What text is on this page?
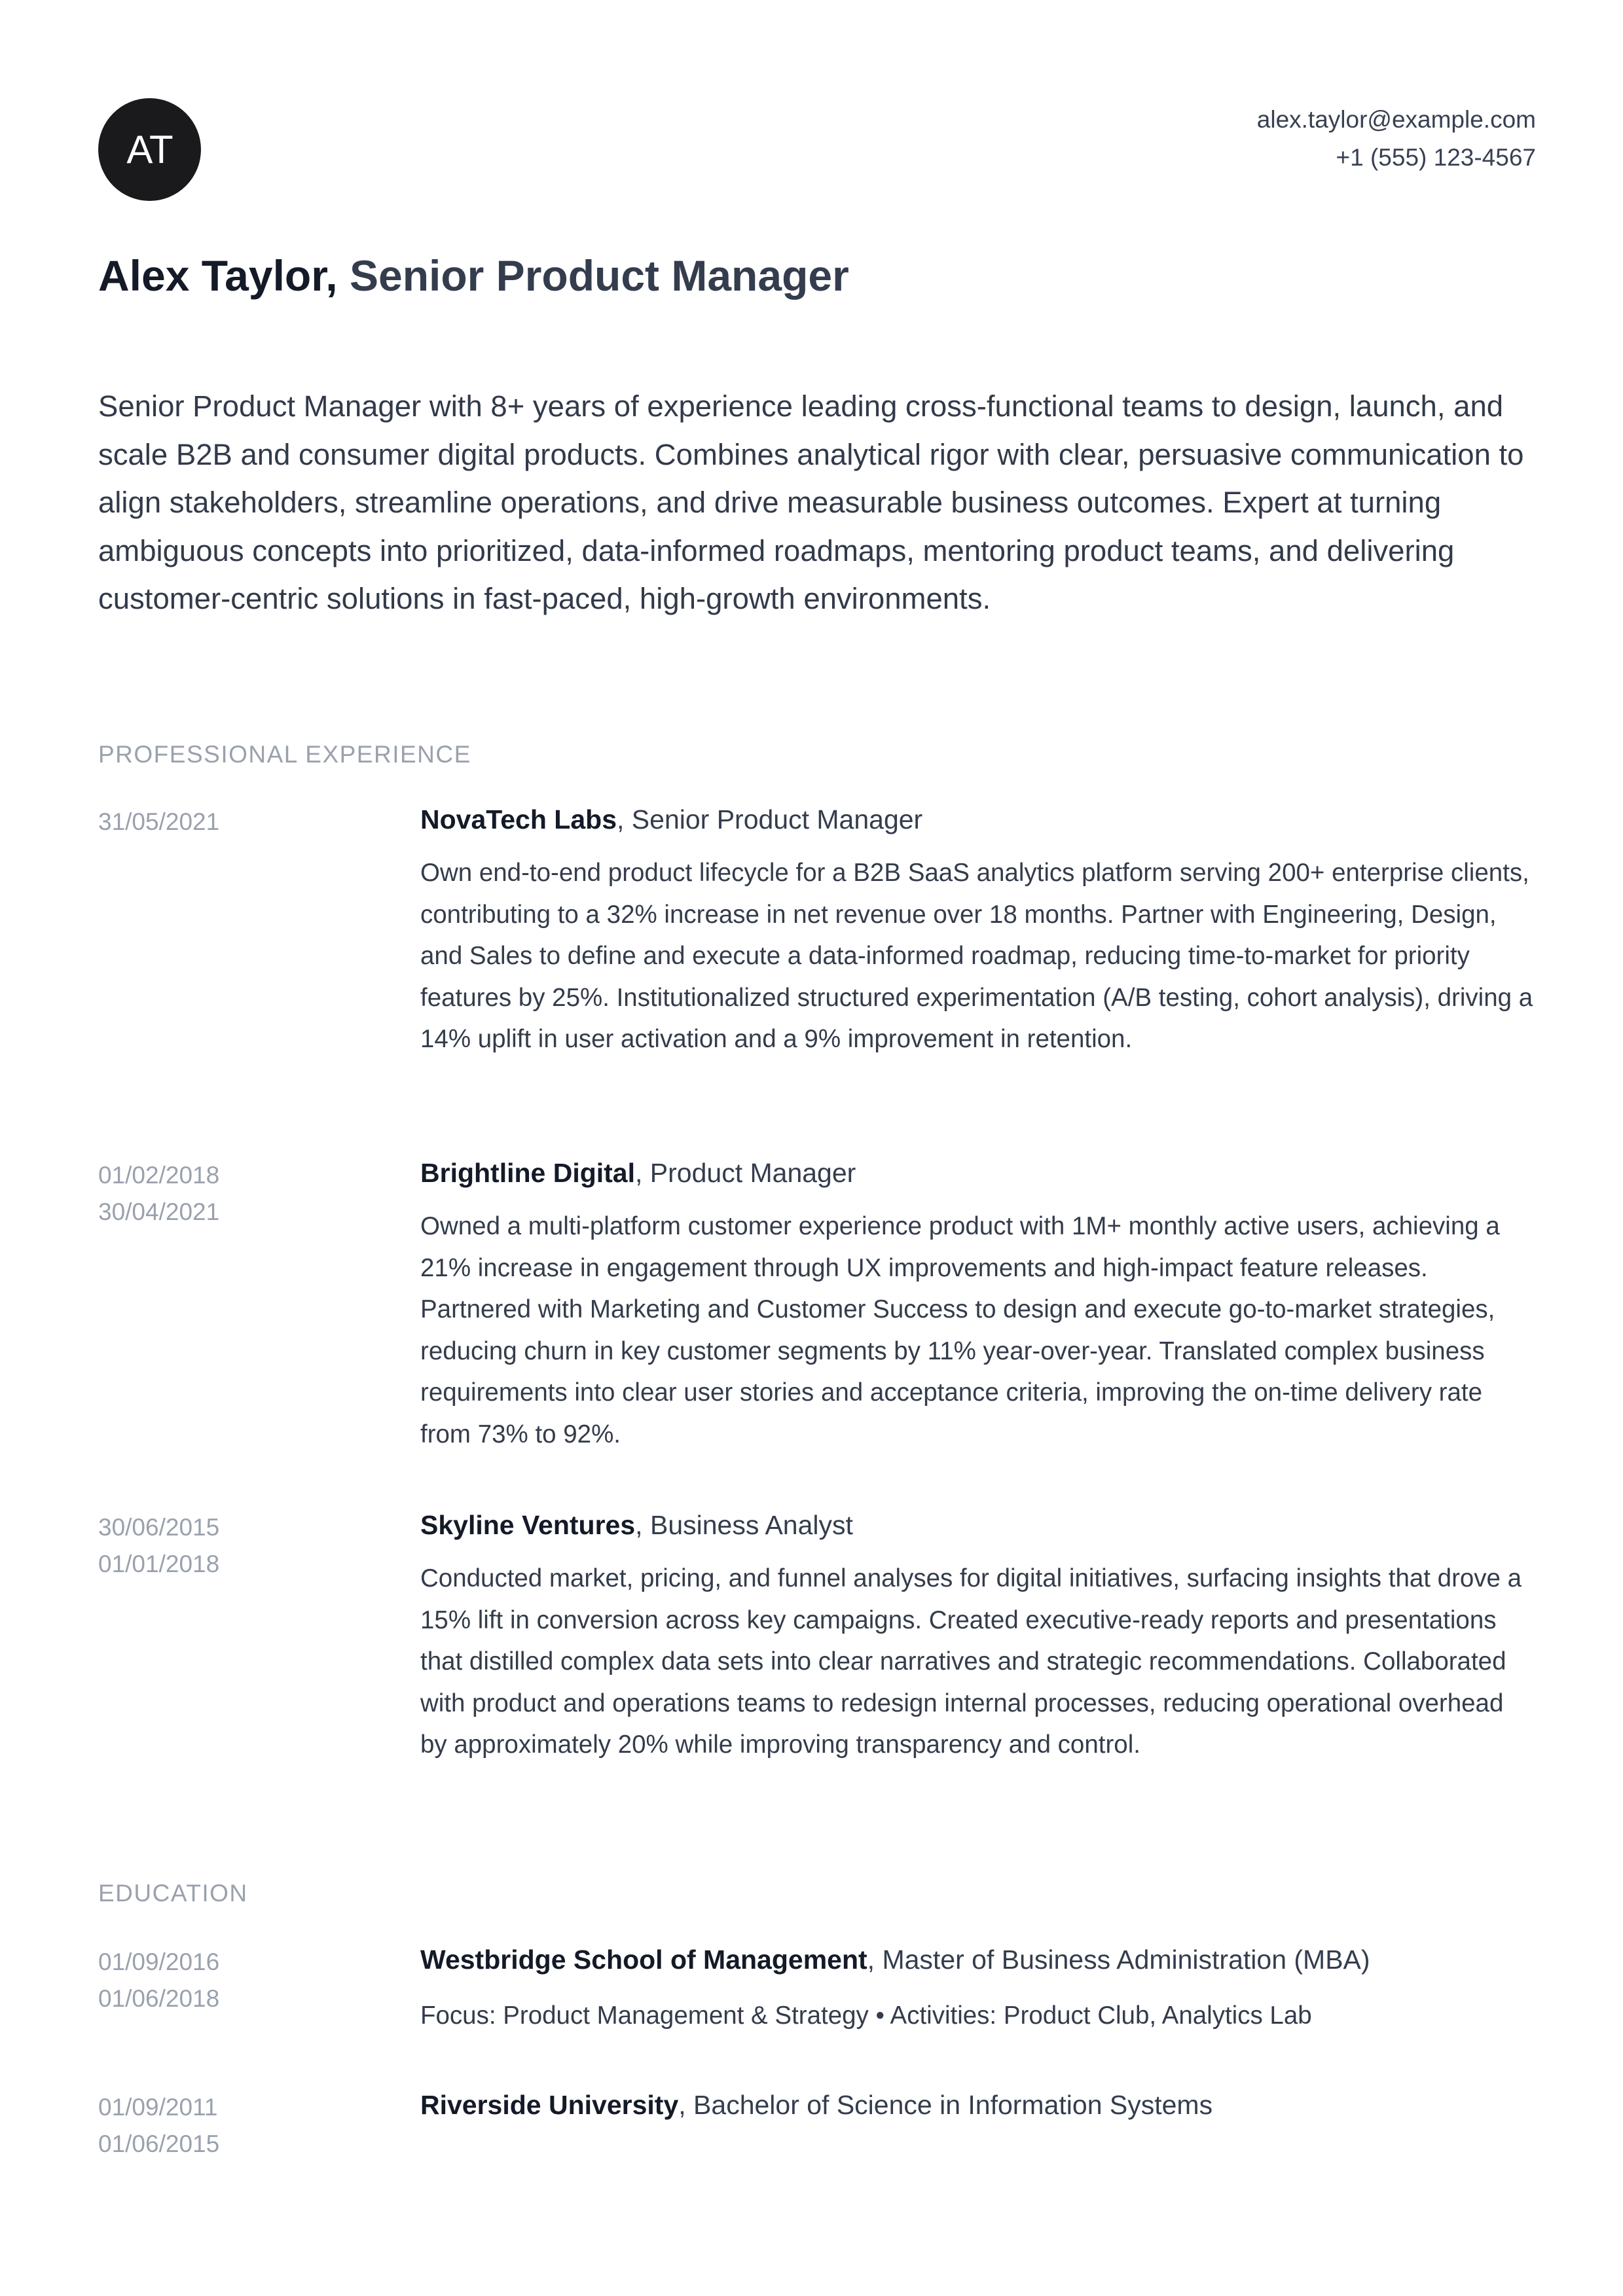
AT
alex.taylor@example.com
+1 (555) 123-4567
Alex Taylor, Senior Product Manager

Senior Product Manager with 8+ years of experience leading cross-functional teams to design, launch, and scale B2B and consumer digital products. Combines analytical rigor with clear, persuasive communication to align stakeholders, streamline operations, and drive measurable business outcomes. Expert at turning ambiguous concepts into prioritized, data-informed roadmaps, mentoring product teams, and delivering customer-centric solutions in fast-paced, high-growth environments.

PROFESSIONAL EXPERIENCE
31/05/2021	NovaTech Labs, Senior Product Manager

Own end-to-end product lifecycle for a B2B SaaS analytics platform serving 200+ enterprise clients, contributing to a 32% increase in net revenue over 18 months. Partner with Engineering, Design, and Sales to define and execute a data-informed roadmap, reducing time-to-market for priority features by 25%. Institutionalized structured experimentation (A/B testing, cohort analysis), driving a 14% uplift in user activation and a 9% improvement in retention.

01/02/2018
30/04/2021
Brightline Digital, Product Manager

Owned a multi-platform customer experience product with 1M+ monthly active users, achieving a 21% increase in engagement through UX improvements and high-impact feature releases. Partnered with Marketing and Customer Success to design and execute go-to-market strategies, reducing churn in key customer segments by 11% year-over-year. Translated complex business requirements into clear user stories and acceptance criteria, improving the on-time delivery rate from 73% to 92%.

30/06/2015
01/01/2018
Skyline Ventures, Business Analyst

Conducted market, pricing, and funnel analyses for digital initiatives, surfacing insights that drove a 15% lift in conversion across key campaigns. Created executive-ready reports and presentations that distilled complex data sets into clear narratives and strategic recommendations. Collaborated with product and operations teams to redesign internal processes, reducing operational overhead by approximately 20% while improving transparency and control.

EDUCATION
01/09/2016
01/06/2018
Westbridge School of Management, Master of Business Administration (MBA)

Focus: Product Management & Strategy • Activities: Product Club, Analytics Lab

01/09/2011
01/06/2015
Riverside University, Bachelor of Science in Information Systems
